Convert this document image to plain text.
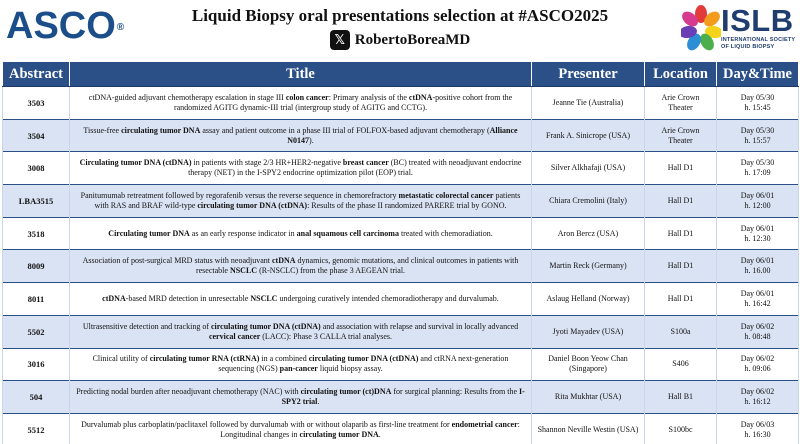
ASCO®
Liquid Biopsy oral presentations selection at #ASCO2025
𝕏 RobertoBoreaMD
ISLB
INTERNATIONAL SOCIETY OF LIQUID BIOPSY
Abstract	Title	Presenter	Location	Day&Time
3503	ctDNA-guided adjuvant chemotherapy escalation in stage III colon cancer: Primary analysis of the ctDNA-positive cohort from the randomized AGITG dynamic-III trial (intergroup study of AGITG and CCTG).	Jeanne Tie (Australia)	Arie Crown
Theater	Day 05/30
h. 15:45
3504	Tissue-free circulating tumor DNA assay and patient outcome in a phase III trial of FOLFOX-based adjuvant chemotherapy (Alliance N0147).	Frank A. Sinicrope (USA)	Arie Crown
Theater	Day 05/30
h. 15:57
3008	Circulating tumor DNA (ctDNA) in patients with stage 2/3 HR+HER2-negative breast cancer (BC) treated with neoadjuvant endocrine therapy (NET) in the I-SPY2 endocrine optimization pilot (EOP) trial.	Silver Alkhafaji (USA)	Hall D1	Day 05/30
h. 17:09
LBA3515	Panitumumab retreatment followed by regorafenib versus the reverse sequence in chemorefractory metastatic colorectal cancer patients with RAS and BRAF wild-type circulating tumor DNA (ctDNA): Results of the phase II randomized PARERE trial by GONO.	Chiara Cremolini (Italy)	Hall D1	Day 06/01
h. 12:00
3518	Circulating tumor DNA as an early response indicator in anal squamous cell carcinoma treated with chemoradiation.	Aron Bercz (USA)	Hall D1	Day 06/01
h. 12:30
8009	Association of post-surgical MRD status with neoadjuvant ctDNA dynamics, genomic mutations, and clinical outcomes in patients with resectable NSCLC (R-NSCLC) from the phase 3 AEGEAN trial.	Martin Reck (Germany)	Hall D1	Day 06/01
h. 16.00
8011	ctDNA-based MRD detection in unresectable NSCLC undergoing curatively intended chemoradiotherapy and durvalumab.	Aslaug Helland (Norway)	Hall D1	Day 06/01
h. 16:42
5502	Ultrasensitive detection and tracking of circulating tumor DNA (ctDNA) and association with relapse and survival in locally advanced cervical cancer (LACC): Phase 3 CALLA trial analyses.	Jyoti Mayadev (USA)	S100a	Day 06/02
h. 08:48
3016	Clinical utility of circulating tumor RNA (ctRNA) in a combined circulating tumor DNA (ctDNA) and ctRNA next-generation sequencing (NGS) pan-cancer liquid biopsy assay.	Daniel Boon Yeow Chan (Singapore)	S406	Day 06/02
h. 09:06
504	Predicting nodal burden after neoadjuvant chemotherapy (NAC) with circulating tumor (ct)DNA for surgical planning: Results from the I-SPY2 trial.	Rita Mukhtar (USA)	Hall B1	Day 06/02
h. 16:12
5512	Durvalumab plus carboplatin/paclitaxel followed by durvalumab with or without olaparib as first-line treatment for endometrial cancer: Longitudinal changes in circulating tumor DNA.	Shannon Neville Westin (USA)	S100bc	Day 06/03
h. 16:30
